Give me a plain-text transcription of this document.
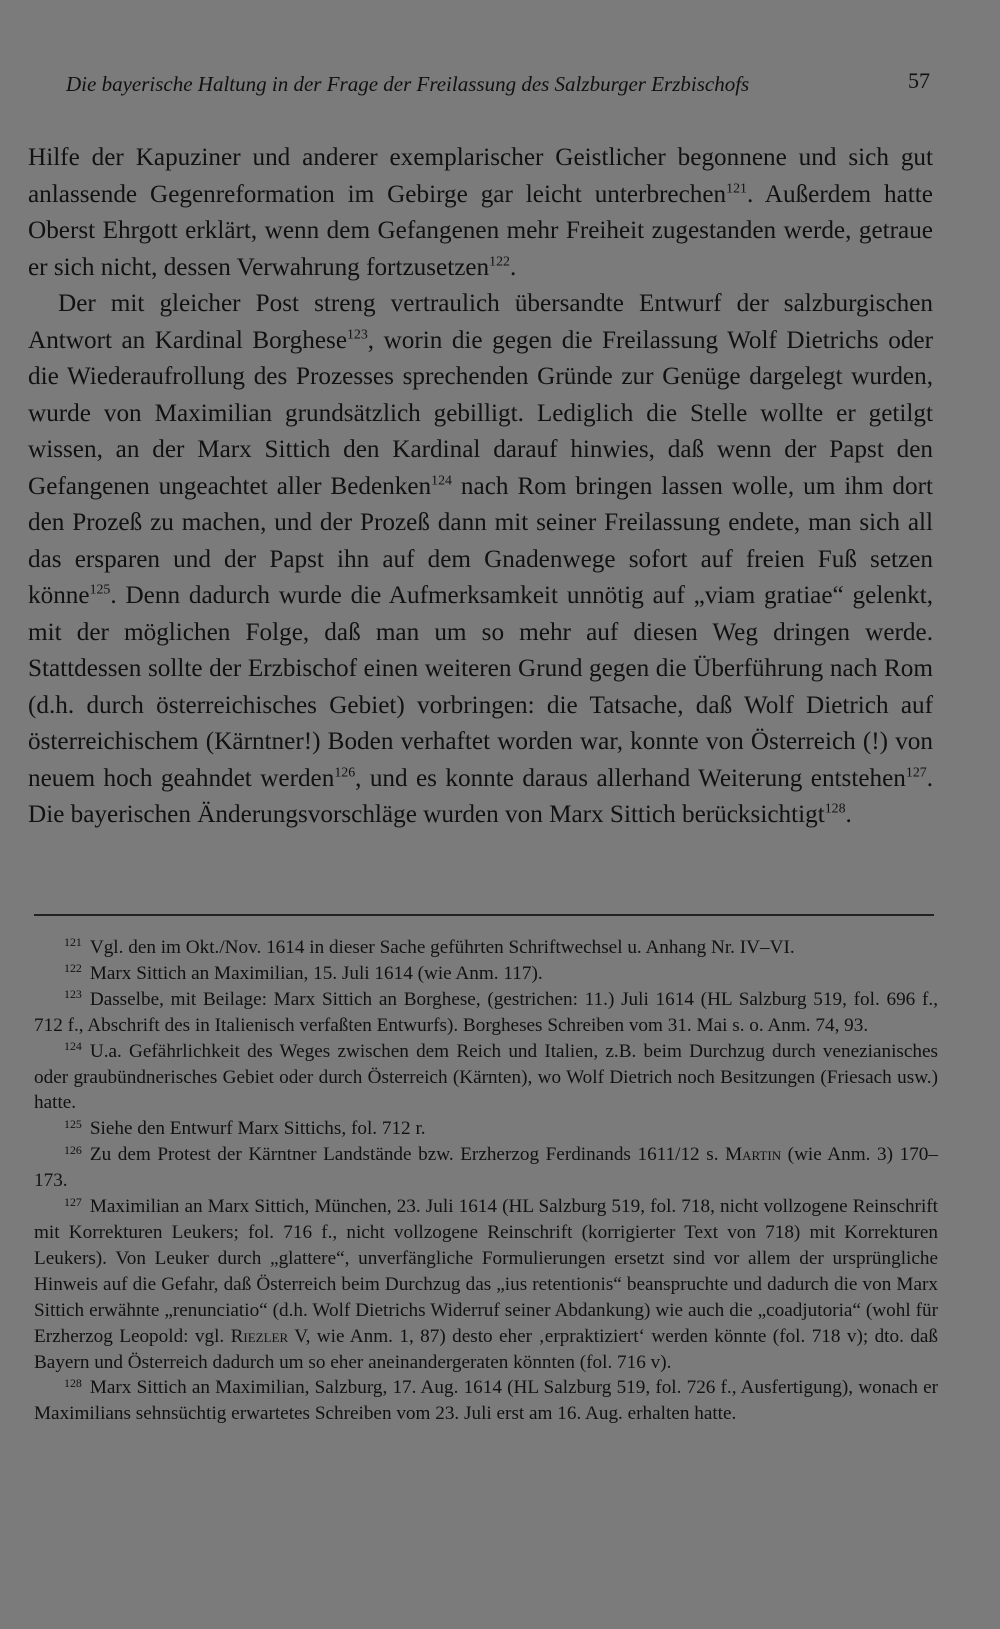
Die bayerische Haltung in der Frage der Freilassung des Salzburger Erzbischofs	57

Hilfe der Kapuziner und anderer exemplarischer Geistlicher begonnene und sich gut anlassende Gegenreformation im Gebirge gar leicht unterbrechen$^{121}$. Außerdem hatte Oberst Ehrgott erklärt, wenn dem Gefangenen mehr Freiheit zugestanden werde, getraue er sich nicht, dessen Verwahrung fortzusetzen$^{122}$.

Der mit gleicher Post streng vertraulich übersandte Entwurf der salzburgischen Antwort an Kardinal Borghese$^{123}$, worin die gegen die Freilassung Wolf Dietrichs oder die Wiederaufrollung des Prozesses sprechenden Gründe zur Genüge dargelegt wurden, wurde von Maximilian grundsätzlich gebilligt. Lediglich die Stelle wollte er getilgt wissen, an der Marx Sittich den Kardinal darauf hinwies, daß wenn der Papst den Gefangenen ungeachtet aller Bedenken$^{124}$ nach Rom bringen lassen wolle, um ihm dort den Prozeß zu machen, und der Prozeß dann mit seiner Freilassung endete, man sich all das ersparen und der Papst ihn auf dem Gnadenwege sofort auf freien Fuß setzen könne$^{125}$. Denn dadurch wurde die Aufmerksamkeit unnötig auf „viam gratiae“ gelenkt, mit der möglichen Folge, daß man um so mehr auf diesen Weg dringen werde. Stattdessen sollte der Erzbischof einen weiteren Grund gegen die Überführung nach Rom (d.h. durch österreichisches Gebiet) vorbringen: die Tatsache, daß Wolf Dietrich auf österreichischem (Kärntner!) Boden verhaftet worden war, konnte von Österreich (!) von neuem hoch geahndet werden$^{126}$, und es konnte daraus allerhand Weiterung entstehen$^{127}$. Die bayerischen Änderungsvorschläge wurden von Marx Sittich berücksichtigt$^{128}$.

$^{121}$ Vgl. den im Okt./Nov. 1614 in dieser Sache geführten Schriftwechsel u. Anhang Nr. IV–VI.

$^{122}$ Marx Sittich an Maximilian, 15. Juli 1614 (wie Anm. 117).

$^{123}$ Dasselbe, mit Beilage: Marx Sittich an Borghese, (gestrichen: 11.) Juli 1614 (HL Salzburg 519, fol. 696 f., 712 f., Abschrift des in Italienisch verfaßten Entwurfs). Borgheses Schreiben vom 31. Mai s. o. Anm. 74, 93.

$^{124}$ U.a. Gefährlichkeit des Weges zwischen dem Reich und Italien, z.B. beim Durchzug durch venezianisches oder graubündnerisches Gebiet oder durch Österreich (Kärnten), wo Wolf Dietrich noch Besitzungen (Friesach usw.) hatte.

$^{125}$ Siehe den Entwurf Marx Sittichs, fol. 712 r.

$^{126}$ Zu dem Protest der Kärntner Landstände bzw. Erzherzog Ferdinands 1611/12 s. Martin (wie Anm. 3) 170–173.

$^{127}$ Maximilian an Marx Sittich, München, 23. Juli 1614 (HL Salzburg 519, fol. 718, nicht vollzogene Reinschrift mit Korrekturen Leukers; fol. 716 f., nicht vollzogene Reinschrift (korrigierter Text von 718) mit Korrekturen Leukers). Von Leuker durch „glattere“, unverfängliche Formulierungen ersetzt sind vor allem der ursprüngliche Hinweis auf die Gefahr, daß Österreich beim Durchzug das „ius retentionis“ beanspruchte und dadurch die von Marx Sittich erwähnte „renunciatio“ (d.h. Wolf Dietrichs Widerruf seiner Abdankung) wie auch die „coadjutoria“ (wohl für Erzherzog Leopold: vgl. Riezler V, wie Anm. 1, 87) desto eher ‚erpraktiziert‘ werden könnte (fol. 718 v); dto. daß Bayern und Österreich dadurch um so eher aneinandergeraten könnten (fol. 716 v).

$^{128}$ Marx Sittich an Maximilian, Salzburg, 17. Aug. 1614 (HL Salzburg 519, fol. 726 f., Ausfertigung), wonach er Maximilians sehnsüchtig erwartetes Schreiben vom 23. Juli erst am 16. Aug. erhalten hatte.
